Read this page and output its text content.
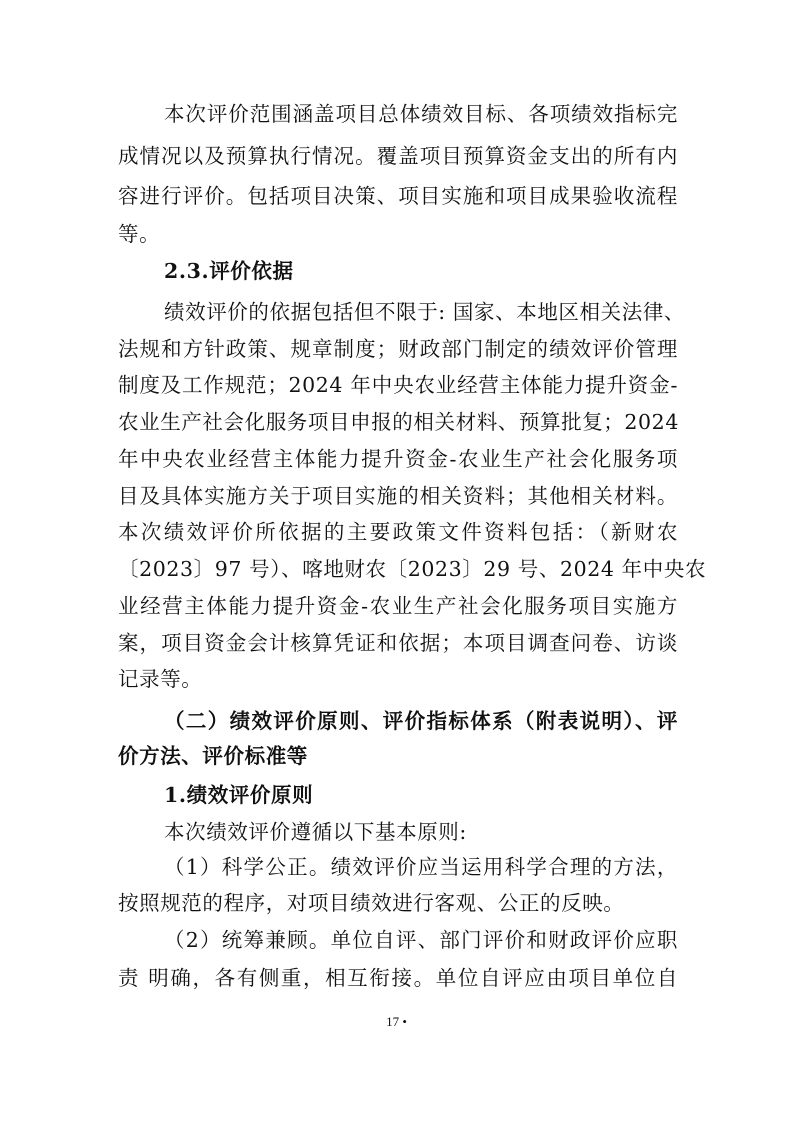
本次评价范围涵盖项目总体绩效目标、各项绩效指标完
成情况以及预算执行情况。覆盖项目预算资金支出的所有内
容进行评价。包括项目决策、项目实施和项目成果验收流程
等。
2.3.评价依据
绩效评价的依据包括但不限于: 国家、本地区相关法律、
法规和方针政策、规章制度；财政部门制定的绩效评价管理
制度及工作规范；2024 年中央农业经营主体能力提升资金-
农业生产社会化服务项目申报的相关材料、预算批复；2024
年中央农业经营主体能力提升资金-农业生产社会化服务项
目及具体实施方关于项目实施的相关资料；其他相关材料。
本次绩效评价所依据的主要政策文件资料包括：（新财农
〔2023〕97 号）、喀地财农〔2023〕29 号、2024 年中央农
业经营主体能力提升资金-农业生产社会化服务项目实施方
案，项目资金会计核算凭证和依据；本项目调查问卷、访谈
记录等。
（二）绩效评价原则、评价指标体系（附表说明）、评
价方法、评价标准等
1.绩效评价原则
本次绩效评价遵循以下基本原则:
（1）科学公正。绩效评价应当运用科学合理的方法，
按照规范的程序，对项目绩效进行客观、公正的反映。
（2）统筹兼顾。单位自评、部门评价和财政评价应职
责 明确，各有侧重，相互衔接。单位自评应由项目单位自
17 •
